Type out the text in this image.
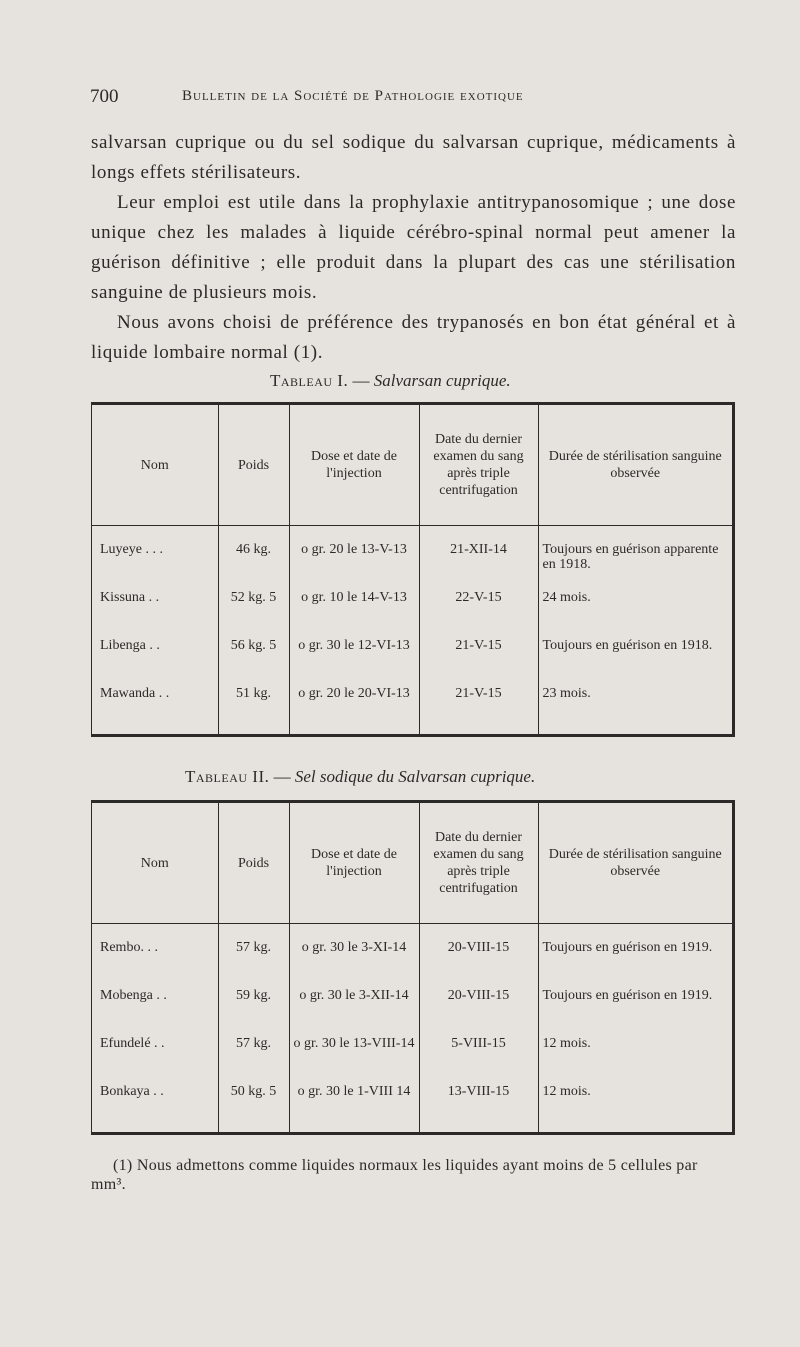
700	Bulletin de la Société de Pathologie exotique

salvarsan cuprique ou du sel sodique du salvarsan cuprique, médicaments à longs effets stérilisateurs.

Leur emploi est utile dans la prophylaxie antitrypanosomique ; une dose unique chez les malades à liquide cérébro-spinal normal peut amener la guérison définitive ; elle produit dans la plupart des cas une stérilisation sanguine de plusieurs mois.

Nous avons choisi de préférence des trypanosés en bon état général et à liquide lombaire normal (1).

Tableau I. — Salvarsan cuprique.
Nom	Poids	Dose et date de l'injection	Date du dernier examen du sang après triple centrifugation	Durée de stérilisation sanguine observée
Luyeye . . .	46 kg.	o gr. 20 le 13-V-13	21-XII-14	Toujours en guérison apparente en 1918.
Kissuna . .	52 kg. 5	o gr. 10 le 14-V-13	22-V-15	24 mois.
Libenga . .	56 kg. 5	o gr. 30 le 12-VI-13	21-V-15	Toujours en guérison en 1918.
Mawanda . .	51 kg.	o gr. 20 le 20-VI-13	21-V-15	23 mois.
Tableau II. — Sel sodique du Salvarsan cuprique.
Nom	Poids	Dose et date de l'injection	Date du dernier examen du sang après triple centrifugation	Durée de stérilisation sanguine observée
Rembo. . .	57 kg.	o gr. 30 le 3-XI-14	20-VIII-15	Toujours en guérison en 1919.
Mobenga . .	59 kg.	o gr. 30 le 3-XII-14	20-VIII-15	Toujours en guérison en 1919.
Efundelé . .	57 kg.	o gr. 30 le 13-VIII-14	5-VIII-15	12 mois.
Bonkaya . .	50 kg. 5	o gr. 30 le 1-VIII 14	13-VIII-15	12 mois.

(1) Nous admettons comme liquides normaux les liquides ayant moins de 5 cellules par mm³.
